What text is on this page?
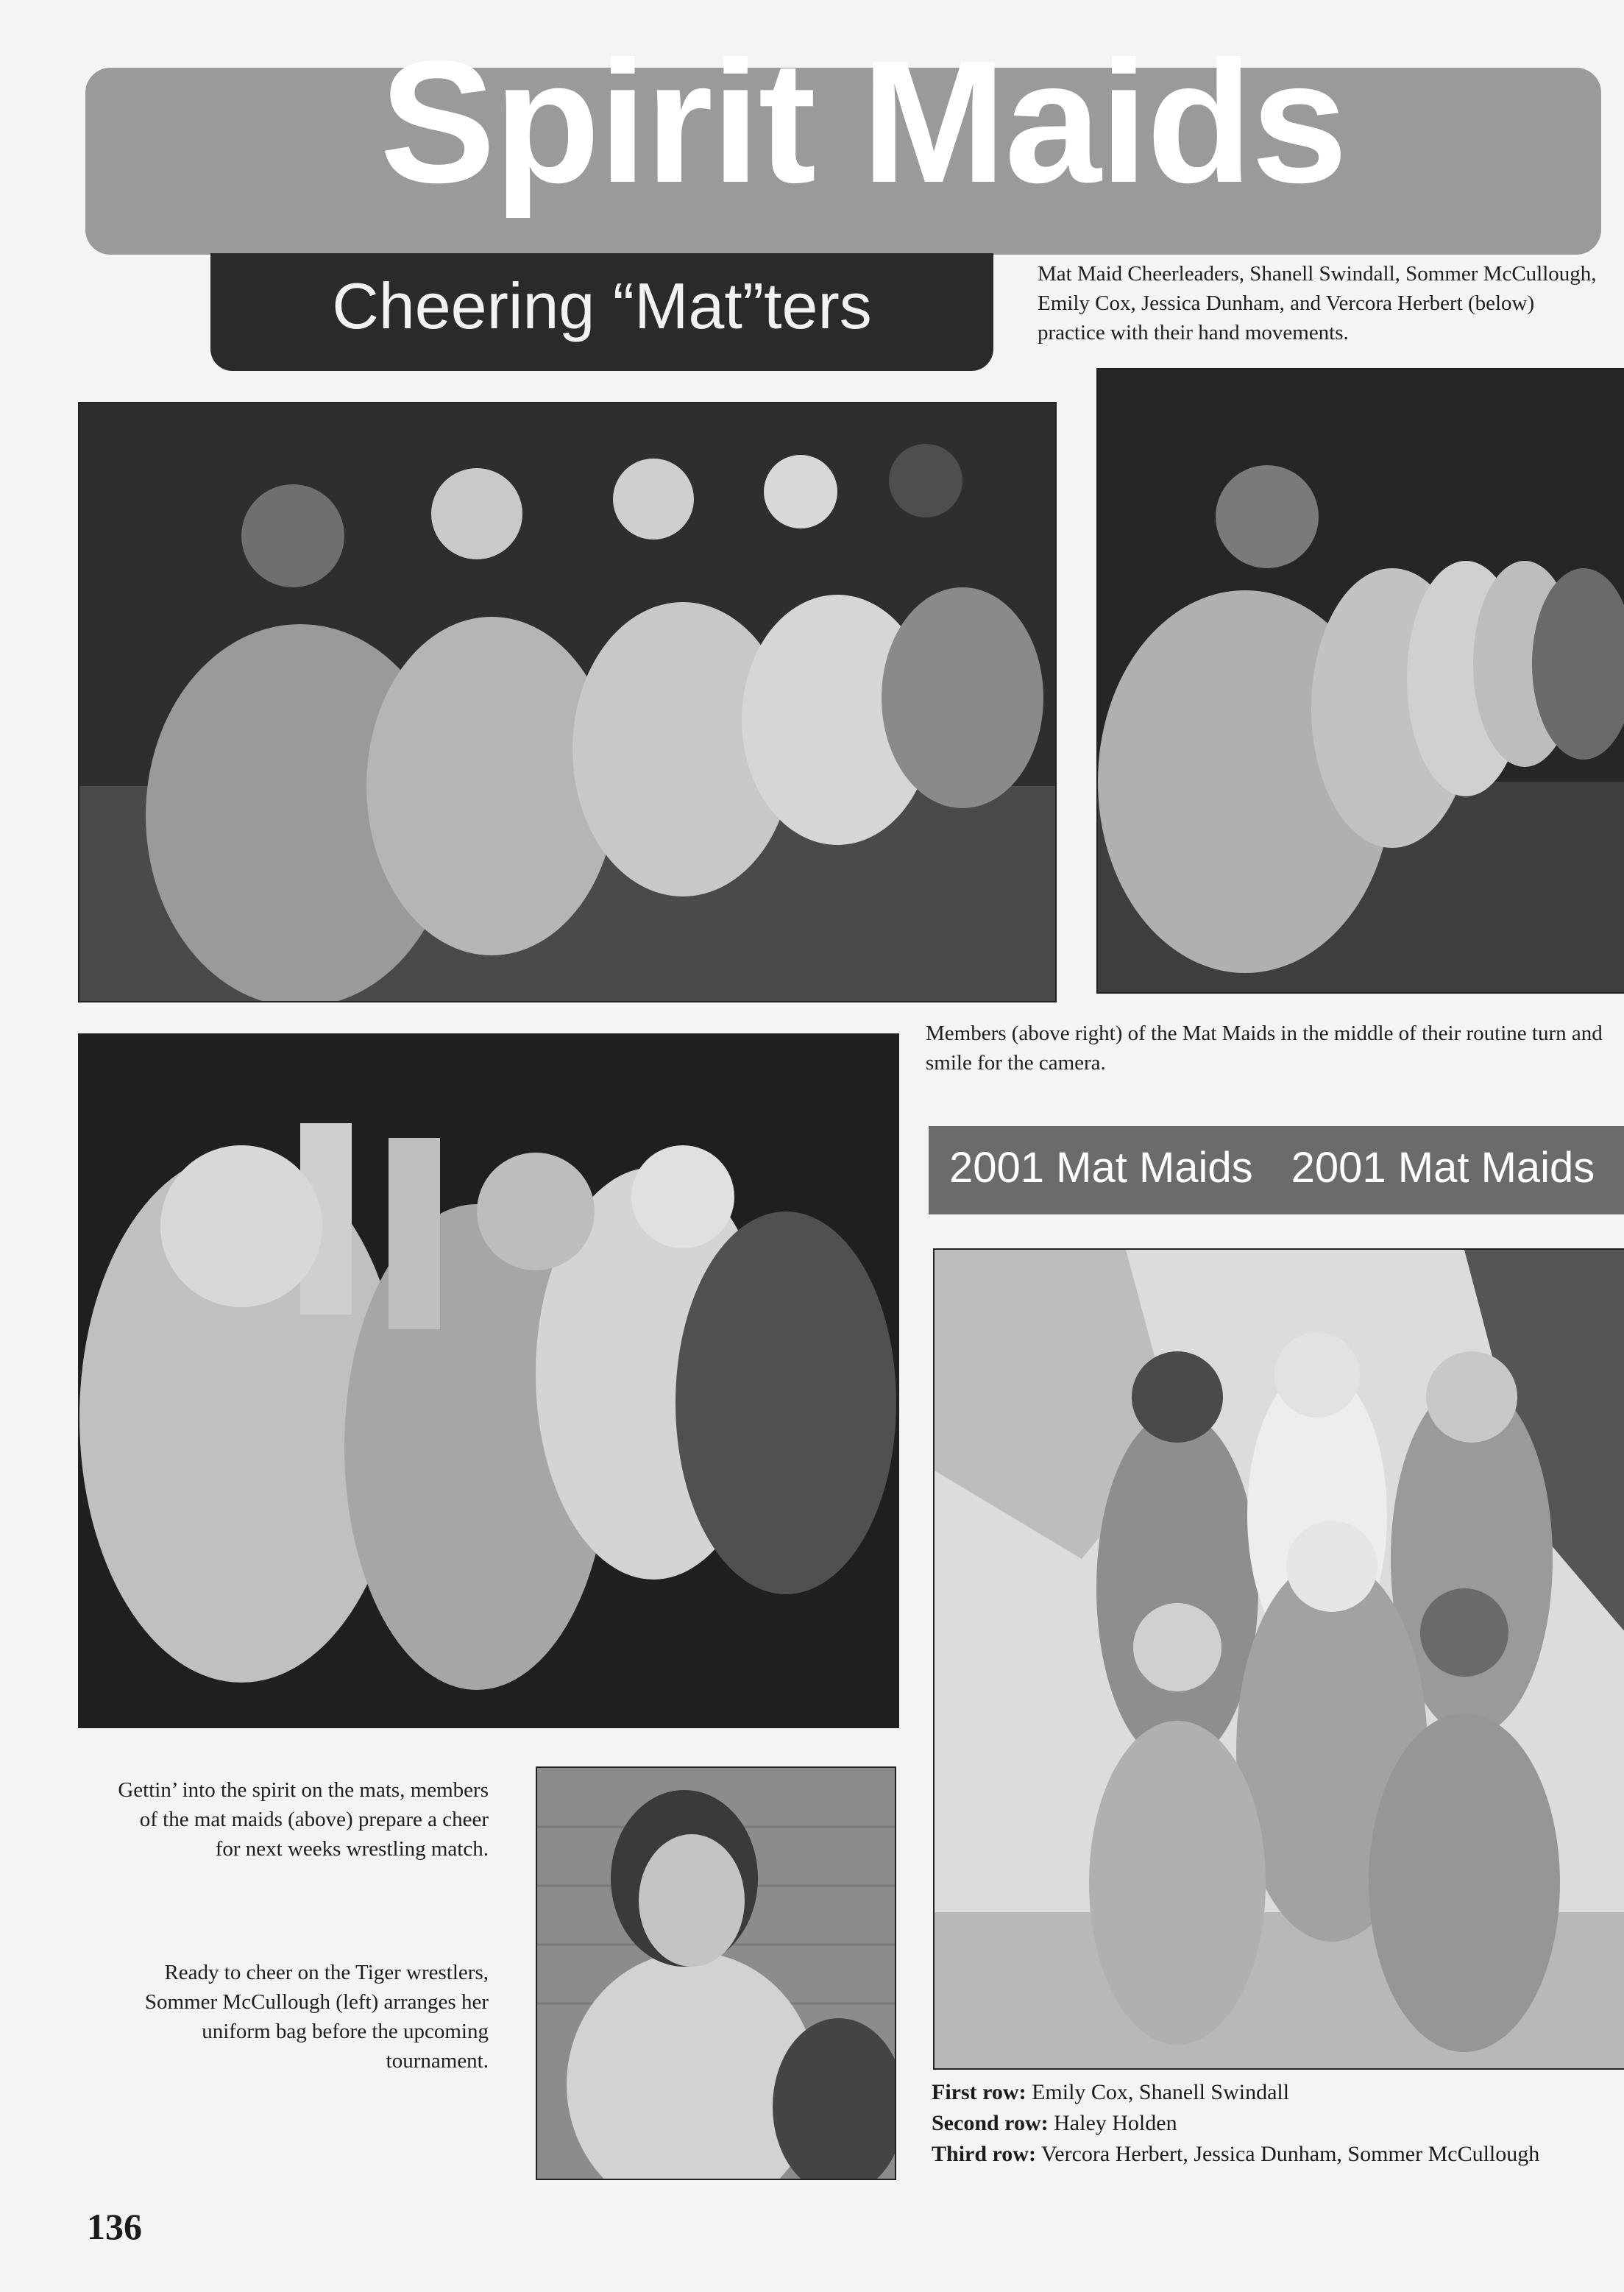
Spirit Maids
Cheering “Mat”ters	Mat Maid Cheerleaders, Shanell Swindall, Sommer McCullough, Emily Cox, Jessica Dunham, and Vercora Herbert (below) practice with their hand movements.
Members (above right) of the Mat Maids in the middle of their routine turn and smile for the camera.
Gettin’ into the spirit on the mats, members of the mat maids (above) prepare a cheer for next weeks wrestling match.
Ready to cheer on the Tiger wrestlers, Sommer McCullough (left) arranges her uniform bag before the upcoming tournament.
2001 Mat Maids 2001 Mat Maids
First row: Emily Cox, Shanell Swindall
Second row: Haley Holden
Third row: Vercora Herbert, Jessica Dunham, Sommer McCullough
136
